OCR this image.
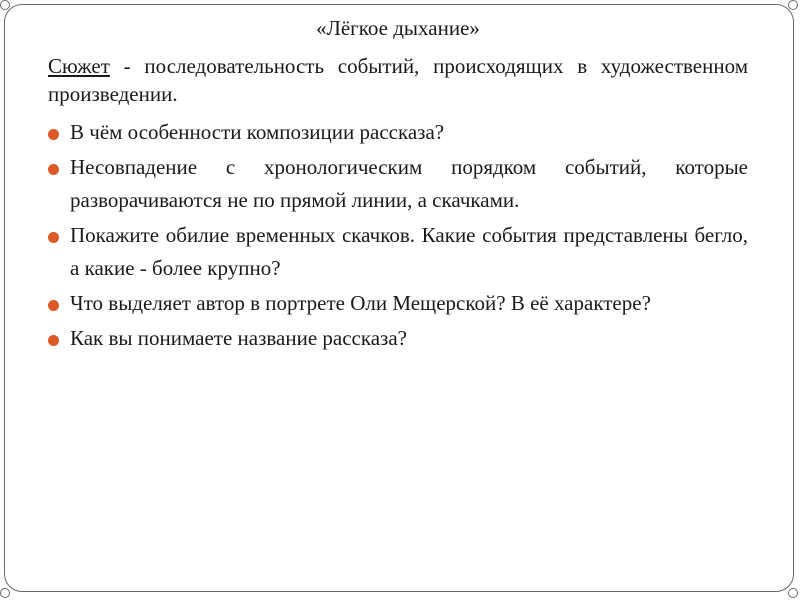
«Лёгкое дыхание»

Сюжет - последовательность событий, происходящих в художественном произведении.

В чём особенности композиции рассказа?
Несовпадение с хронологическим порядком событий, которые разворачиваются не по прямой линии, а скачками.
Покажите обилие временных скачков. Какие события представлены бегло, а какие - более крупно?
Что выделяет автор в портрете Оли Мещерской? В её характере?
Как вы понимаете название рассказа?
